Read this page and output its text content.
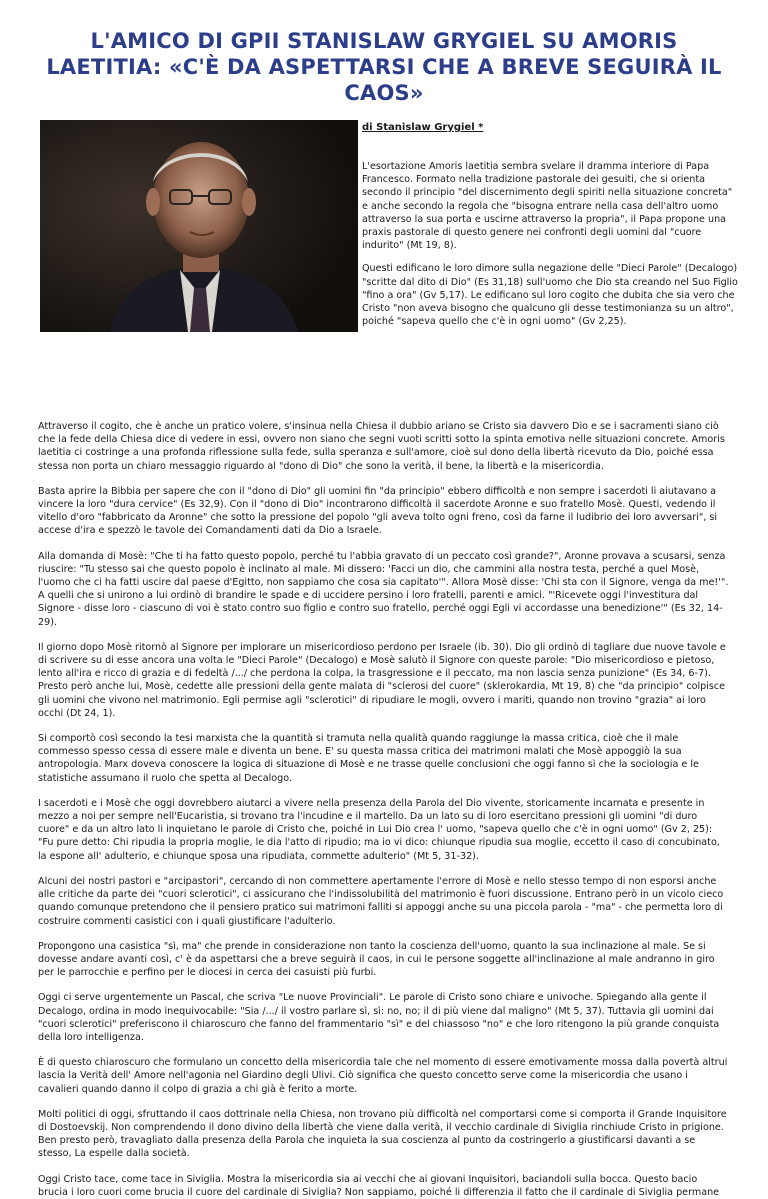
L'AMICO DI GPII STANISLAW GRYGIEL SU AMORIS LAETITIA: «C'È DA ASPETTARSI CHE A BREVE SEGUIRÀ IL CAOS»
di Stanislaw Grygiel *

L'esortazione Amoris laetitia sembra svelare il dramma interiore di Papa Francesco. Formato nella tradizione pastorale dei gesuiti, che si orienta secondo il principio "del discernimento degli spiriti nella situazione concreta" e anche secondo la regola che "bisogna entrare nella casa dell'altro uomo attraverso la sua porta e uscirne attraverso la propria", il Papa propone una praxis pastorale di questo genere nei confronti degli uomini dal "cuore indurito" (Mt 19, 8).

Questi edificano le loro dimore sulla negazione delle "Dieci Parole" (Decalogo) "scritte dal dito di Dio" (Es 31,18) sull'uomo che Dio sta creando nel Suo Figlio "fino a ora" (Gv 5,17). Le edificano sul loro cogito che dubita che sia vero che Cristo "non aveva bisogno che qualcuno gli desse testimonianza su un altro", poiché "sapeva quello che c'è in ogni uomo" (Gv 2,25).

Attraverso il cogito, che è anche un pratico volere, s'insinua nella Chiesa il dubbio ariano se Cristo sia davvero Dio e se i sacramenti siano ciò che la fede della Chiesa dice di vedere in essi, ovvero non siano che segni vuoti scritti sotto la spinta emotiva nelle situazioni concrete. Amoris laetitia ci costringe a una profonda riflessione sulla fede, sulla speranza e sull'amore, cioè sul dono della libertà ricevuto da Dio, poiché essa stessa non porta un chiaro messaggio riguardo al "dono di Dio" che sono la verità, il bene, la libertà e la misericordia.

Basta aprire la Bibbia per sapere che con il "dono di Dio" gli uomini fin "da principio" ebbero difficoltà e non sempre i sacerdoti li aiutavano a vincere la loro "dura cervice" (Es 32,9). Con il "dono di Dio" incontrarono difficoltà il sacerdote Aronne e suo fratello Mosè. Questi, vedendo il vitello d'oro "fabbricato da Aronne" che sotto la pressione del popolo "gli aveva tolto ogni freno, così da farne il ludibrio dei loro avversari", si accese d'ira e spezzò le tavole dei Comandamenti dati da Dio a Israele.

Alla domanda di Mosè: "Che ti ha fatto questo popolo, perché tu l'abbia gravato di un peccato così grande?", Aronne provava a scusarsi, senza riuscire: "Tu stesso sai che questo popolo è inclinato al male. Mi dissero: 'Facci un dio, che cammini alla nostra testa, perché a quel Mosè, l'uomo che ci ha fatti uscire dal paese d'Egitto, non sappiamo che cosa sia capitato'". Allora Mosè disse: 'Chi sta con il Signore, venga da me!'". A quelli che si unirono a lui ordinò di brandire le spade e di uccidere persino i loro fratelli, parenti e amici. "'Ricevete oggi l'investitura dal Signore - disse loro - ciascuno di voi è stato contro suo figlio e contro suo fratello, perché oggi Egli vi accordasse una benedizione'" (Es 32, 14-29).

Il giorno dopo Mosè ritornò al Signore per implorare un misericordioso perdono per Israele (ib. 30). Dio gli ordinò di tagliare due nuove tavole e di scrivere su di esse ancora una volta le "Dieci Parole" (Decalogo) e Mosè salutò il Signore con queste parole: "Dio misericordioso e pietoso, lento all'ira e ricco di grazia e di fedeltà /.../ che perdona la colpa, la trasgressione e il peccato, ma non lascia senza punizione" (Es 34, 6-7). Presto però anche lui, Mosè, cedette alle pressioni della gente malata di "sclerosi del cuore" (sklerokardia, Mt 19, 8) che "da principio" colpisce gli uomini che vivono nel matrimonio. Egli permise agli "sclerotici" di ripudiare le mogli, ovvero i mariti, quando non trovino "grazia" ai loro occhi (Dt 24, 1).

Si comportò così secondo la tesi marxista che la quantità si tramuta nella qualità quando raggiunge la massa critica, cioè che il male commesso spesso cessa di essere male e diventa un bene. E' su questa massa critica dei matrimoni malati che Mosè appoggiò la sua antropologia. Marx doveva conoscere la logica di situazione di Mosè e ne trasse quelle conclusioni che oggi fanno sì che la sociologia e le statistiche assumano il ruolo che spetta al Decalogo.

I sacerdoti e i Mosè che oggi dovrebbero aiutarci a vivere nella presenza della Parola del Dio vivente, storicamente incarnata e presente in mezzo a noi per sempre nell'Eucaristia, si trovano tra l'incudine e il martello. Da un lato su di loro esercitano pressioni gli uomini "di duro cuore" e da un altro lato li inquietano le parole di Cristo che, poiché in Lui Dio crea l' uomo, "sapeva quello che c'è in ogni uomo" (Gv 2, 25): "Fu pure detto: Chi ripudia la propria moglie, le dia l'atto di ripudio; ma io vi dico: chiunque ripudia sua moglie, eccetto il caso di concubinato, la espone all' adulterio, e chiunque sposa una ripudiata, commette adulterio" (Mt 5, 31-32).

Alcuni dei nostri pastori e "arcipastori", cercando di non commettere apertamente l'errore di Mosè e nello stesso tempo di non esporsi anche alle critiche da parte dei "cuori sclerotici", ci assicurano che l'indissolubilità del matrimonio è fuori discussione. Entrano però in un vicolo cieco quando comunque pretendono che il pensiero pratico sui matrimoni falliti si appoggi anche su una piccola parola - "ma" - che permetta loro di costruire commenti casistici con i quali giustificare l'adulterio.

Propongono una casistica "sì, ma" che prende in considerazione non tanto la coscienza dell'uomo, quanto la sua inclinazione al male. Se si dovesse andare avanti così, c' è da aspettarsi che a breve seguirà il caos, in cui le persone soggette all'inclinazione al male andranno in giro per le parrocchie e perfino per le diocesi in cerca dei casuisti più furbi.

Oggi ci serve urgentemente un Pascal, che scriva "Le nuove Provinciali". Le parole di Cristo sono chiare e univoche. Spiegando alla gente il Decalogo, ordina in modo inequivocabile: "Sia /.../ il vostro parlare sì, sì: no, no; il di più viene dal maligno" (Mt 5, 37). Tuttavia gli uomini dai "cuori sclerotici" preferiscono il chiaroscuro che fanno del frammentario "sì" e del chiassoso "no" e che loro ritengono la più grande conquista della loro intelligenza.

È di questo chiaroscuro che formulano un concetto della misericordia tale che nel momento di essere emotivamente mossa dalla povertà altrui lascia la Verità dell' Amore nell'agonia nel Giardino degli Ulivi. Ciò significa che questo concetto serve come la misericordia che usano i cavalieri quando danno il colpo di grazia a chi già è ferito a morte.

Molti politici di oggi, sfruttando il caos dottrinale nella Chiesa, non trovano più difficoltà nel comportarsi come si comporta il Grande Inquisitore di Dostoevskij. Non comprendendo il dono divino della libertà che viene dalla verità, il vecchio cardinale di Siviglia rinchiude Cristo in prigione. Ben presto però, travagliato dalla presenza della Parola che inquieta la sua coscienza al punto da costringerlo a giustificarsi davanti a se stesso, La espelle dalla società.

Oggi Cristo tace, come tace in Siviglia. Mostra la misericordia sia ai vecchi che ai giovani Inquisitori, baciandoli sulla bocca. Questo bacio brucia i loro cuori come brucia il cuore del cardinale di Siviglia? Non sappiamo, poiché li differenzia il fatto che il cardinale di Siviglia permane
